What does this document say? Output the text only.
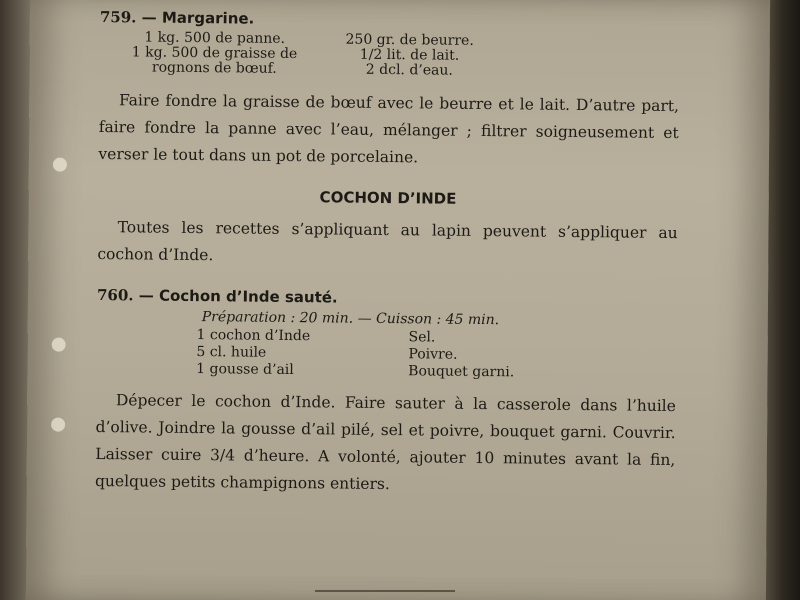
759. — Margarine.
1 kg. 500 de panne.	250 gr. de beurre.
1 kg. 500 de graisse de	1/2 lit. de lait.
rognons de bœuf.	2 dcl. d’eau.

Faire fondre la graisse de bœuf avec le beurre et le lait. D’autre part, faire fondre la panne avec l’eau, mélanger ; filtrer soigneusement et verser le tout dans un pot de porcelaine.

COCHON D’INDE

Toutes les recettes s’appliquant au lapin peuvent s’appliquer au cochon d’Inde.

760. — Cochon d’Inde sauté.
Préparation : 20 min. — Cuisson : 45 min.
1 cochon d’Inde	Sel.
5 cl. huile	Poivre.
1 gousse d’ail	Bouquet garni.

Dépecer le cochon d’Inde. Faire sauter à la casserole dans l’huile d’olive. Joindre la gousse d’ail pilé, sel et poivre, bouquet garni. Couvrir. Laisser cuire 3/4 d’heure. A volonté, ajouter 10 minutes avant la fin, quelques petits champignons entiers.
